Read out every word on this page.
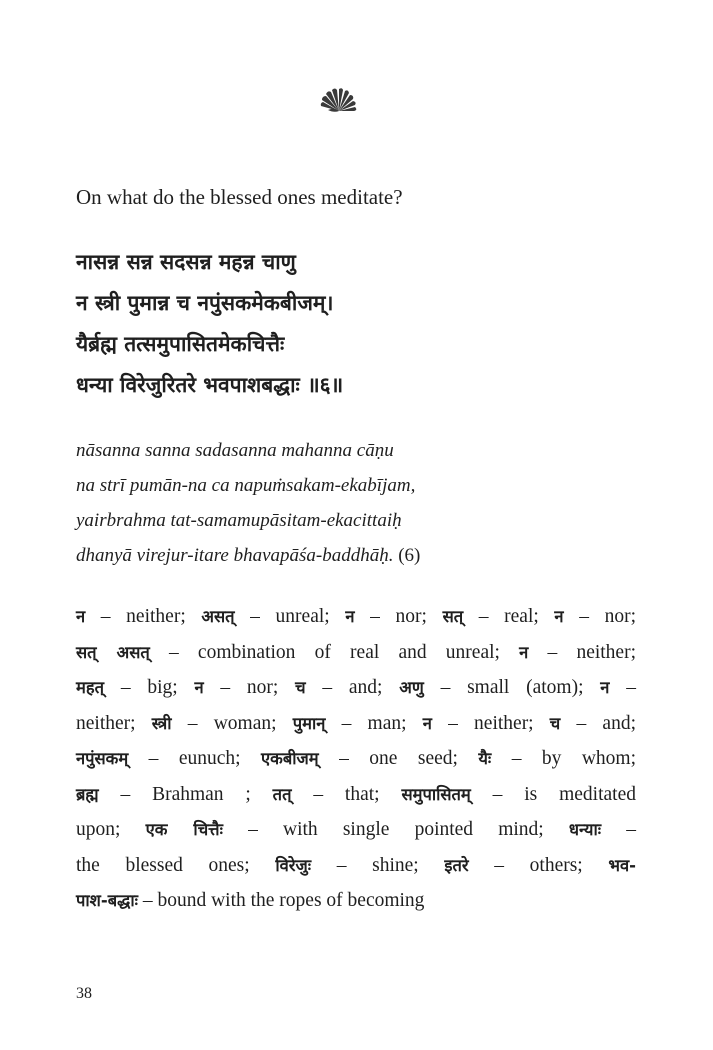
On what do the blessed ones meditate?
नासन्न सन्न सदसन्न महन्न चाणु
न स्त्री पुमान्न च नपुंसकमेकबीजम्।
यैर्ब्रह्म तत्समुपासितमेकचित्तैः
धन्या विरेजुरितरे भवपाशबद्धाः ॥६॥
nāsanna sanna sadasanna mahanna cāṇu
na strī pumān-na ca napuṁsakam-ekabījam,
yairbrahma tat-samamupāsitam-ekacittaiḥ
dhanyā virejur-itare bhavapāśa-baddhāḥ. (6)
न – neither; असत् – unreal; न – nor; सत् – real; न – nor;
सत् असत् – combination of real and unreal; न – neither;
महत् – big; न – nor; च – and; अणु – small (atom); न –
neither; स्त्री – woman; पुमान् – man; न – neither; च – and;
नपुंसकम् – eunuch; एकबीजम् – one seed; यैः – by whom;
ब्रह्म – Brahman ; तत् – that; समुपासितम् – is meditated
upon; एक चित्तैः – with single pointed mind; धन्याः –
the blessed ones; विरेजुः – shine; इतरे – others; भव-
पाश-बद्धाः – bound with the ropes of becoming
38
